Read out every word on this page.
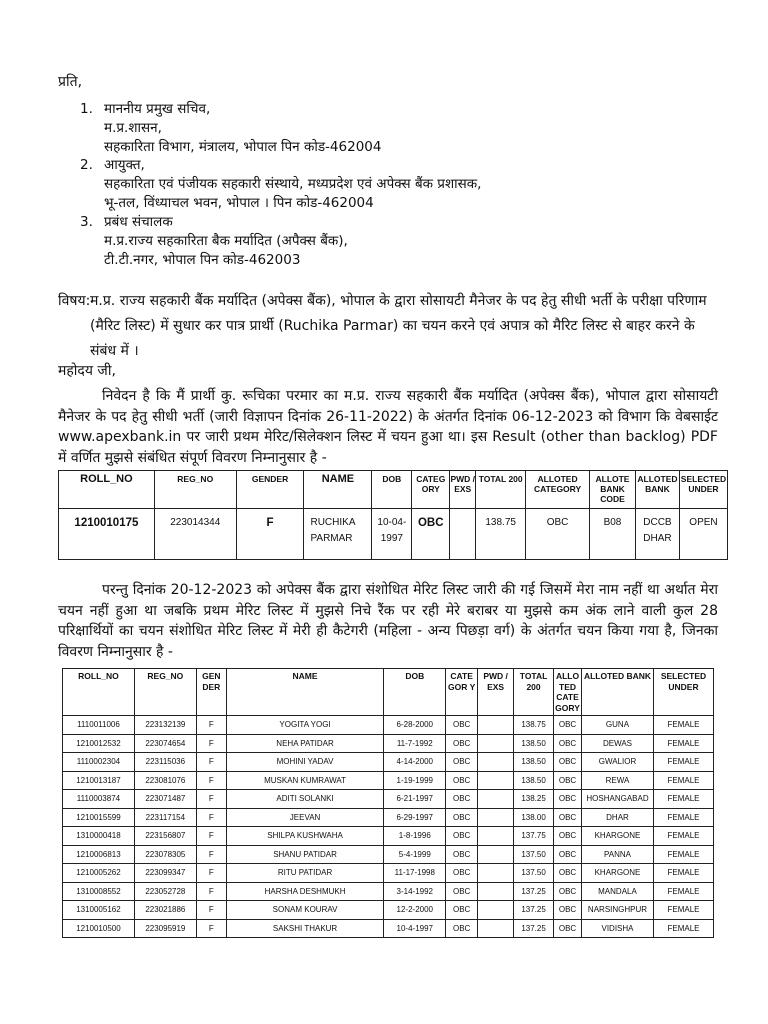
प्रति,
1. माननीय प्रमुख सचिव,
म.प्र.शासन,
सहकारिता विभाग, मंत्रालय, भोपाल पिन कोड-462004
2. आयुक्त,
सहकारिता एवं पंजीयक सहकारी संस्थाये, मध्यप्रदेश एवं अपेक्स बैंक प्रशासक,
भू-तल, विंध्याचल भवन, भोपाल । पिन कोड-462004
3. प्रबंध संचालक
म.प्र.राज्य सहकारिता बैक मर्यादित (अपैक्स बैंक),
टी.टी.नगर, भोपाल पिन कोड-462003
विषय:-
म.प्र. राज्य सहकारी बैंक मर्यादित (अपेक्स बैंक), भोपाल के द्वारा सोसायटी मैनेजर के पद हेतु सीधी भर्ती के परीक्षा परिणाम (मैरिट लिस्ट) में सुधार कर पात्र प्रार्थी (Ruchika Parmar) का चयन करने एवं अपात्र को मैरिट लिस्ट से बाहर करने के संबंध में ।
महोदय जी,
निवेदन है कि मैं प्रार्थी कु. रूचिका परमार का म.प्र. राज्य सहकारी बैंक मर्यादित (अपेक्स बैंक), भोपाल द्वारा सोसायटी मैनेजर के पद हेतु सीधी भर्ती (जारी विज्ञापन दिनांक 26-11-2022) के अंतर्गत दिनांक 06-12-2023 को विभाग कि वेबसाईट www.apexbank.in पर जारी प्रथम मेरिट/सिलेक्शन लिस्ट में चयन हुआ था। इस Result (other than backlog) PDF में वर्णित मुझसे संबंधित संपूर्ण विवरण निम्नानुसार है -
ROLL_NO	REG_NO	GENDER	NAME	DOB	CATEG ORY	PWD / EXS	TOTAL 200	ALLOTED CATEGORY	ALLOTE BANK CODE	ALLOTED BANK	SELECTED UNDER
1210010175	223014344	F	RUCHIKA PARMAR	10-04-1997	OBC		138.75	OBC	B08	DCCB DHAR	OPEN
परन्तु दिनांक 20-12-2023 को अपेक्स बैंक द्वारा संशोधित मेरिट लिस्ट जारी की गई जिसमें मेरा नाम नहीं था अर्थात मेरा चयन नहीं हुआ था जबकि प्रथम मेरिट लिस्ट में मुझसे निचे रैंक पर रही मेरे बराबर या मुझसे कम अंक लाने वाली कुल 28 परिक्षार्थियों का चयन संशोधित मेरिट लिस्ट में मेरी ही कैटेगरी (महिला - अन्य पिछड़ा वर्ग) के अंतर्गत चयन किया गया है, जिनका विवरण निम्नानुसार है -
ROLL_NO	REG_NO	GEN DER	NAME	DOB	CATE GOR Y	PWD / EXS	TOTAL 200	ALLO TED CATE GORY	ALLOTED BANK	SELECTED UNDER
1110011006	223132139	F	YOGITA YOGI	6-28-2000	OBC		138.75	OBC	GUNA	FEMALE
1210012532	223074654	F	NEHA PATIDAR	11-7-1992	OBC		138.50	OBC	DEWAS	FEMALE
1110002304	223115036	F	MOHINI YADAV	4-14-2000	OBC		138.50	OBC	GWALIOR	FEMALE
1210013187	223081076	F	MUSKAN KUMRAWAT	1-19-1999	OBC		138.50	OBC	REWA	FEMALE
1110003874	223071487	F	ADITI SOLANKI	6-21-1997	OBC		138.25	OBC	HOSHANGABAD	FEMALE
1210015599	223117154	F	JEEVAN	6-29-1997	OBC		138.00	OBC	DHAR	FEMALE
1310000418	223156807	F	SHILPA KUSHWAHA	1-8-1996	OBC		137.75	OBC	KHARGONE	FEMALE
1210006813	223078305	F	SHANU PATIDAR	5-4-1999	OBC		137.50	OBC	PANNA	FEMALE
1210005262	223099347	F	RITU PATIDAR	11-17-1998	OBC		137.50	OBC	KHARGONE	FEMALE
1310008552	223052728	F	HARSHA DESHMUKH	3-14-1992	OBC		137.25	OBC	MANDALA	FEMALE
1310005162	223021886	F	SONAM KOURAV	12-2-2000	OBC		137.25	OBC	NARSINGHPUR	FEMALE
1210010500	223095919	F	SAKSHI THAKUR	10-4-1997	OBC		137.25	OBC	VIDISHA	FEMALE
